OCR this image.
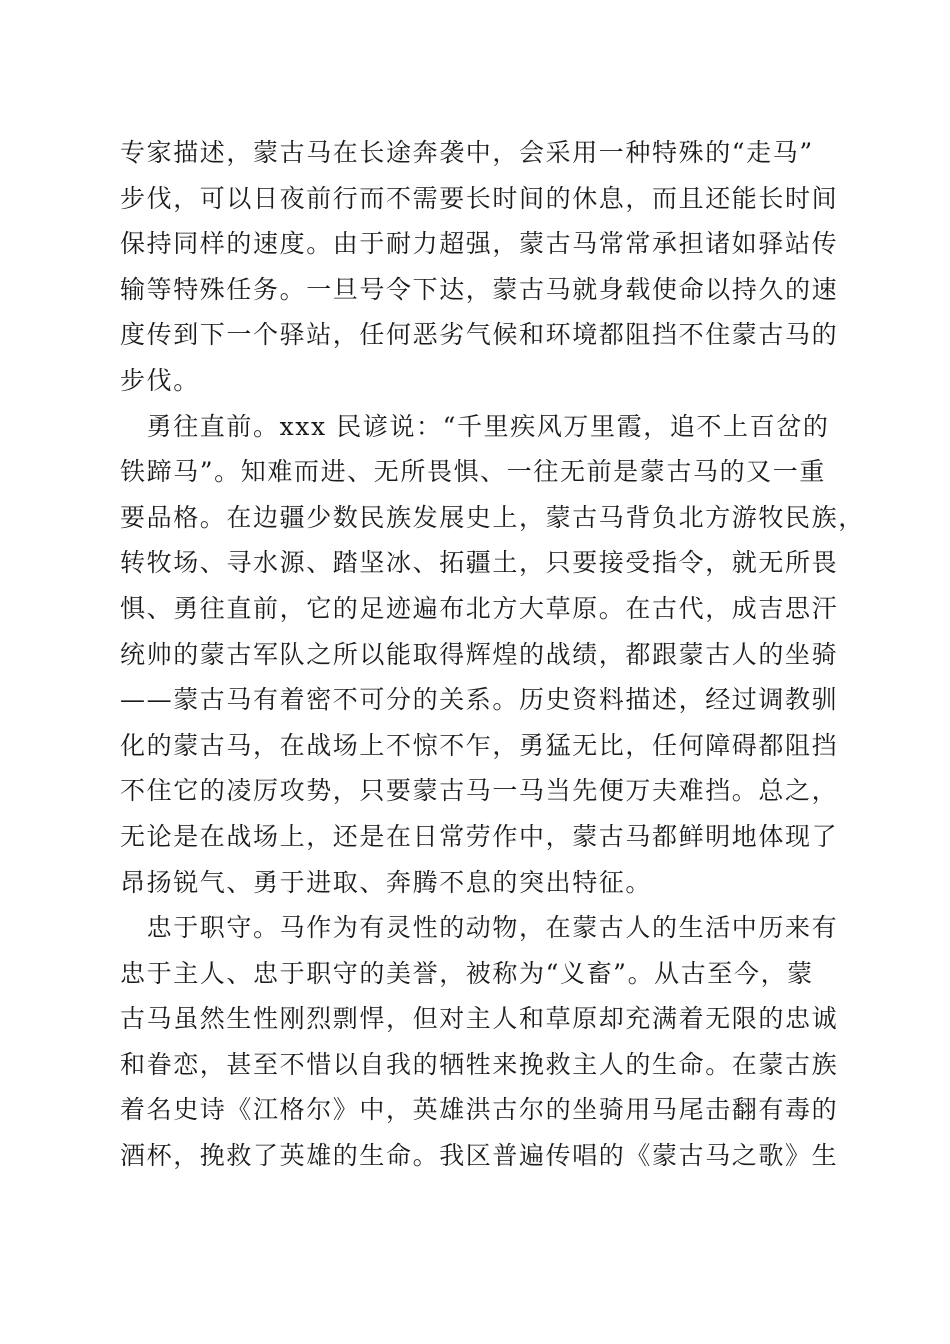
专家描述，蒙古马在长途奔袭中，会采用一种特殊的“走马”
步伐，可以日夜前行而不需要长时间的休息，而且还能长时间
保持同样的速度。由于耐力超强，蒙古马常常承担诸如驿站传
输等特殊任务。一旦号令下达，蒙古马就身载使命以持久的速
度传到下一个驿站，任何恶劣气候和环境都阻挡不住蒙古马的
步伐。
　勇往直前。xxx 民谚说：“千里疾风万里霞，追不上百岔的
铁蹄马”。知难而进、无所畏惧、一往无前是蒙古马的又一重
要品格。在边疆少数民族发展史上，蒙古马背负北方游牧民族，
转牧场、寻水源、踏坚冰、拓疆土，只要接受指令，就无所畏
惧、勇往直前，它的足迹遍布北方大草原。在古代，成吉思汗
统帅的蒙古军队之所以能取得辉煌的战绩，都跟蒙古人的坐骑
——蒙古马有着密不可分的关系。历史资料描述，经过调教驯
化的蒙古马，在战场上不惊不乍，勇猛无比，任何障碍都阻挡
不住它的凌厉攻势，只要蒙古马一马当先便万夫难挡。总之，
无论是在战场上，还是在日常劳作中，蒙古马都鲜明地体现了
昂扬锐气、勇于进取、奔腾不息的突出特征。
　忠于职守。马作为有灵性的动物，在蒙古人的生活中历来有
忠于主人、忠于职守的美誉，被称为“义畜”。从古至今，蒙
古马虽然生性刚烈剽悍，但对主人和草原却充满着无限的忠诚
和眷恋，甚至不惜以自我的牺牲来挽救主人的生命。在蒙古族
着名史诗《江格尔》中，英雄洪古尔的坐骑用马尾击翻有毒的
酒杯，挽救了英雄的生命。我区普遍传唱的《蒙古马之歌》生
